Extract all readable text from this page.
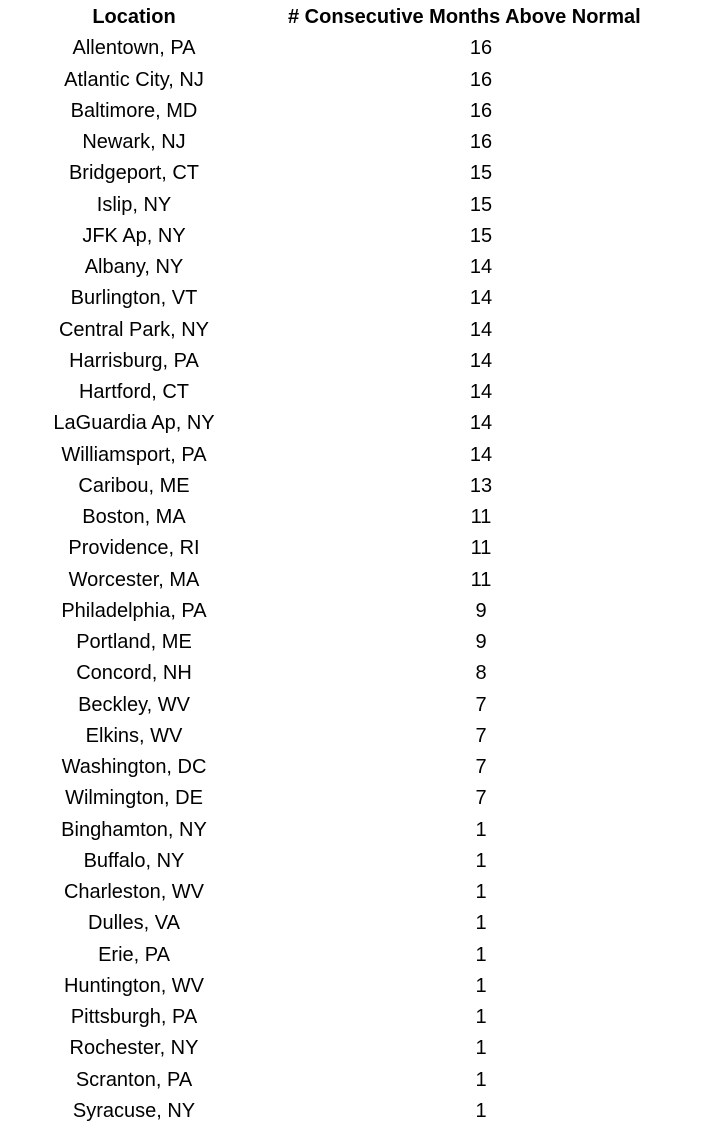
Location	# Consecutive Months Above Normal
Allentown, PA	16
Atlantic City, NJ	16
Baltimore, MD	16
Newark, NJ	16
Bridgeport, CT	15
Islip, NY	15
JFK Ap, NY	15
Albany, NY	14
Burlington, VT	14
Central Park, NY	14
Harrisburg, PA	14
Hartford, CT	14
LaGuardia Ap, NY	14
Williamsport, PA	14
Caribou, ME	13
Boston, MA	11
Providence, RI	11
Worcester, MA	11
Philadelphia, PA	9
Portland, ME	9
Concord, NH	8
Beckley, WV	7
Elkins, WV	7
Washington, DC	7
Wilmington, DE	7
Binghamton, NY	1
Buffalo, NY	1
Charleston, WV	1
Dulles, VA	1
Erie, PA	1
Huntington, WV	1
Pittsburgh, PA	1
Rochester, NY	1
Scranton, PA	1
Syracuse, NY	1
